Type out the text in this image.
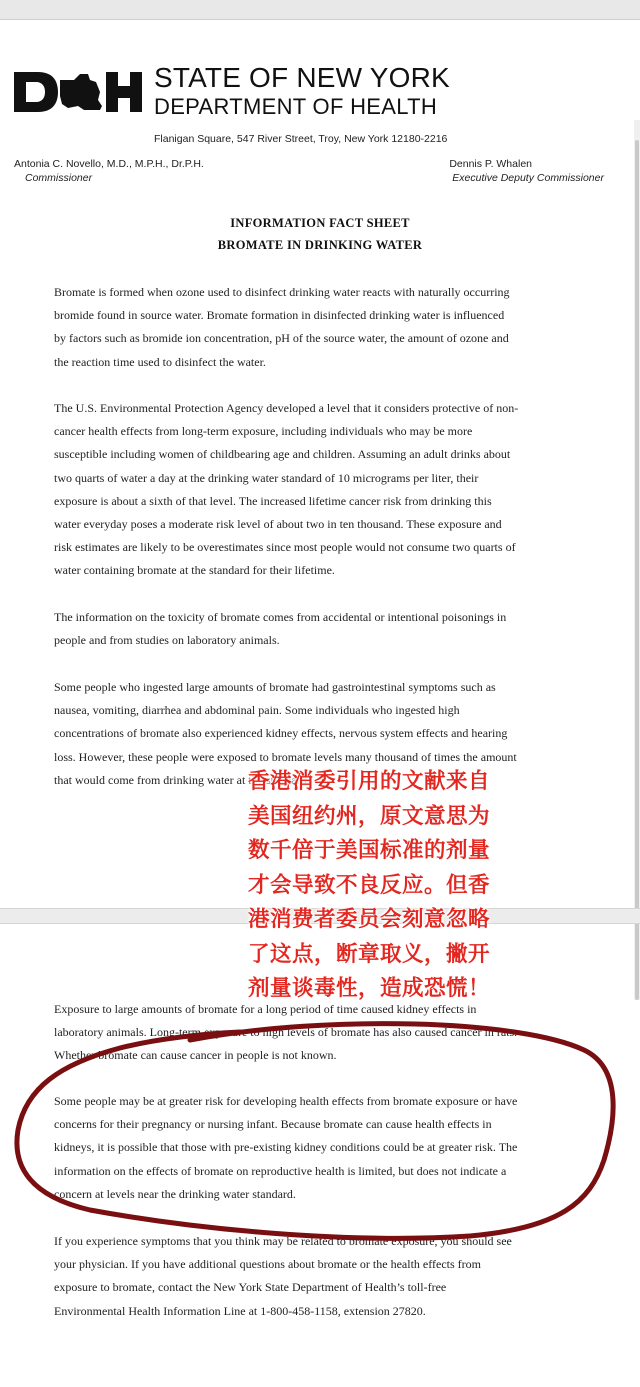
STATE OF NEW YORK
DEPARTMENT OF HEALTH
Flanigan Square, 547 River Street, Troy, New York 12180-2216
Antonia C. Novello, M.D., M.P.H., Dr.P.H.
Commissioner
Dennis P. Whalen
Executive Deputy Commissioner
INFORMATION FACT SHEET
BROMATE IN DRINKING WATER

Bromate is formed when ozone used to disinfect drinking water reacts with naturally occurring
bromide found in source water. Bromate formation in disinfected drinking water is influenced
by factors such as bromide ion concentration, pH of the source water, the amount of ozone and
the reaction time used to disinfect the water.

The U.S. Environmental Protection Agency developed a level that it considers protective of non-
cancer health effects from long-term exposure, including individuals who may be more
susceptible including women of childbearing age and children. Assuming an adult drinks about
two quarts of water a day at the drinking water standard of 10 micrograms per liter, their
exposure is about a sixth of that level. The increased lifetime cancer risk from drinking this
water everyday poses a moderate risk level of about two in ten thousand. These exposure and
risk estimates are likely to be overestimates since most people would not consume two quarts of
water containing bromate at the standard for their lifetime.

The information on the toxicity of bromate comes from accidental or intentional poisonings in
people and from studies on laboratory animals.

Some people who ingested large amounts of bromate had gastrointestinal symptoms such as
nausea, vomiting, diarrhea and abdominal pain. Some individuals who ingested high
concentrations of bromate also experienced kidney effects, nervous system effects and hearing
loss. However, these people were exposed to bromate levels many thousand of times the amount
that would come from drinking water at the standard.

Exposure to large amounts of bromate for a long period of time caused kidney effects in
laboratory animals. Long-term exposure to high levels of bromate has also caused cancer in rats.
Whether bromate can cause cancer in people is not known.

Some people may be at greater risk for developing health effects from bromate exposure or have
concerns for their pregnancy or nursing infant. Because bromate can cause health effects in
kidneys, it is possible that those with pre-existing kidney conditions could be at greater risk. The
information on the effects of bromate on reproductive health is limited, but does not indicate a
concern at levels near the drinking water standard.

If you experience symptoms that you think may be related to bromate exposure, you should see
your physician. If you have additional questions about bromate or the health effects from
exposure to bromate, contact the New York State Department of Health’s toll-free
Environmental Health Information Line at 1-800-458-1158, extension 27820.

香港消委引用的文献来自
美国纽约州，原文意思为
数千倍于美国标准的剂量
才会导致不良反应。但香
港消费者委员会刻意忽略
了这点，断章取义，撇开
剂量谈毒性，造成恐慌！
